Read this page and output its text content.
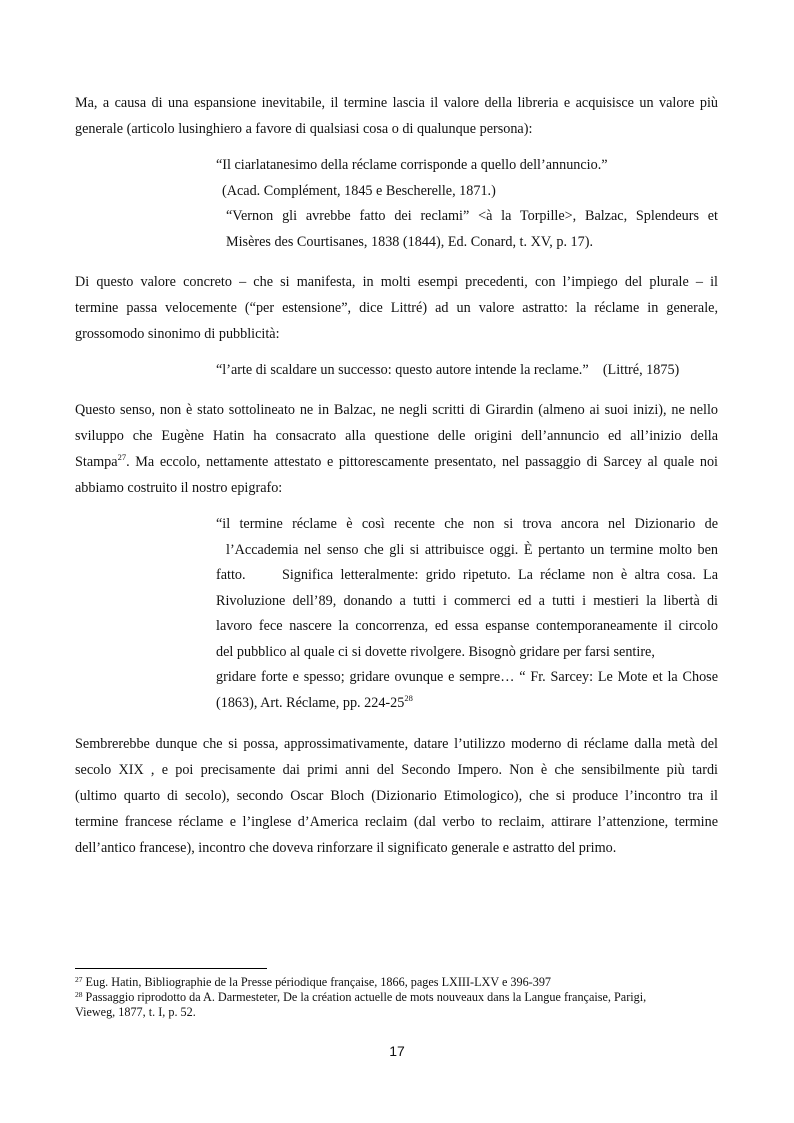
Ma, a causa di una espansione inevitabile, il termine lascia il valore della libreria e acquisisce un valore più
generale (articolo lusinghiero a favore di qualsiasi cosa o di qualunque persona):

“Il ciarlatanesimo della réclame corrisponde a quello dell’annuncio.”
(Acad. Complément, 1845 e Bescherelle, 1871.)
“Vernon gli avrebbe fatto dei reclami” <à la Torpille>, Balzac, Splendeurs et
Misères des Courtisanes, 1838 (1844), Ed. Conard, t. XV, p. 17).

Di questo valore concreto – che si manifesta, in molti esempi precedenti, con l’impiego del plurale – il
termine passa velocemente (“per estensione”, dice Littré) ad un valore astratto: la réclame in generale,
grossomodo sinonimo di pubblicità:

“l’arte di scaldare un successo: questo autore intende la reclame.”    (Littré, 1875)

Questo senso, non è stato sottolineato ne in Balzac, ne negli scritti di Girardin (almeno ai suoi inizi), ne nello
sviluppo che Eugène Hatin ha consacrato alla questione delle origini dell’annuncio ed all’inizio della
Stampa$^{27}$. Ma eccolo, nettamente attestato e pittorescamente presentato, nel passaggio di Sarcey al quale noi
abbiamo costruito il nostro epigrafo:

“il termine réclame è così recente che non si trova ancora nel Dizionario de
l’Accademia nel senso che gli si attribuisce oggi. È pertanto un termine molto ben
fatto.     Significa letteralmente: grido ripetuto. La réclame non è altra cosa. La
Rivoluzione dell’89, donando a tutti i commerci ed a tutti i mestieri la libertà di
lavoro fece nascere la concorrenza, ed essa espanse contemporaneamente il circolo
del pubblico al quale ci si dovette rivolgere. Bisognò gridare per farsi sentire,
gridare forte e spesso; gridare ovunque e sempre… “ Fr. Sarcey: Le Mote et la Chose
(1863), Art. Réclame, pp. $224-25^{28}$

Sembrerebbe dunque che si possa, approssimativamente, datare l’utilizzo moderno di réclame dalla metà del
secolo XIX , e poi precisamente dai primi anni del Secondo Impero. Non è che sensibilmente più tardi
(ultimo quarto di secolo), secondo Oscar Bloch (Dizionario Etimologico), che si produce l’incontro tra il
termine francese réclame e l’inglese d’America reclaim (dal verbo to reclaim, attirare l’attenzione, termine
dell’antico francese), incontro che doveva rinforzare il significato generale e astratto del primo.

$^{27}$ Eug. Hatin, Bibliographie de la Presse périodique française, 1866, pages LXIII-LXV e 396-397
$^{28}$ Passaggio riprodotto da A. Darmesteter, De la création actuelle de mots nouveaux dans la Langue française, Parigi,
Vieweg, 1877, t. I, p. 52.
17
